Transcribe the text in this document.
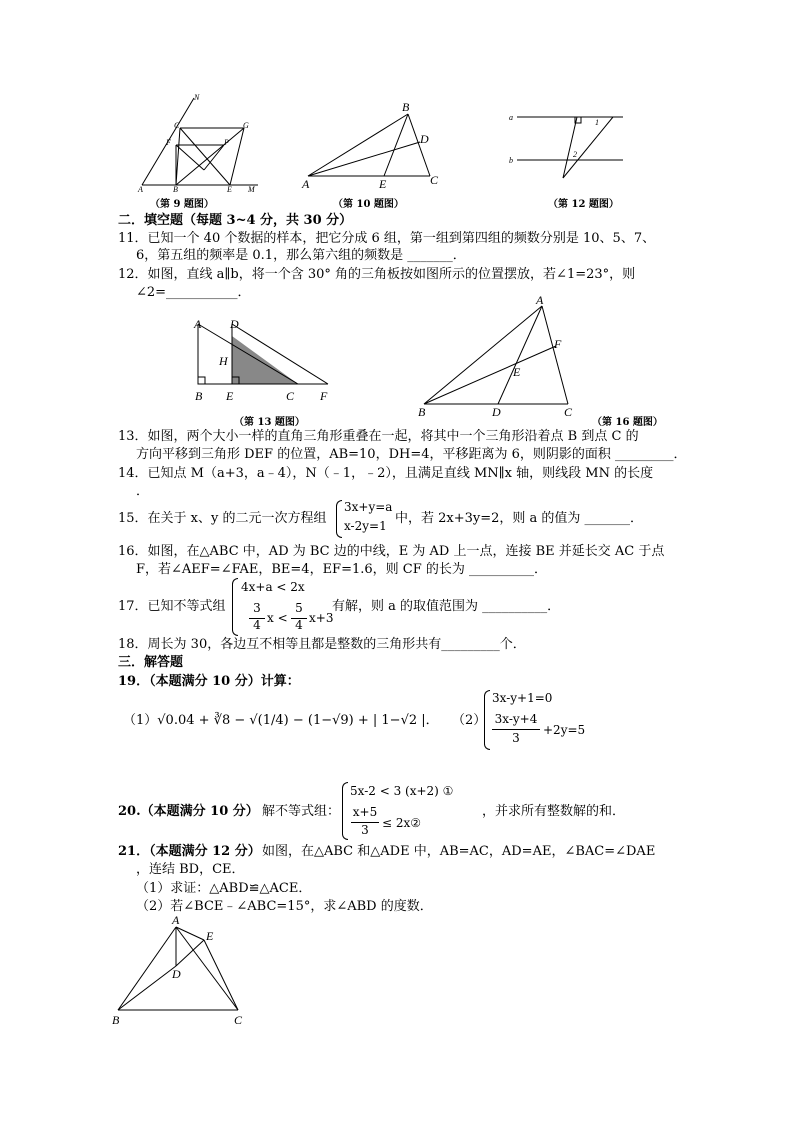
N
C	G
F	P
A	B	E M
（第 9 题图）
B
D
A	E	C
（第 10 题图）
a
b
1
2
（第 12 题图）
二．填空题（每题 3~4 分，共 30 分）
11．已知一个 40 个数据的样本，把它分成 6 组，第一组到第四组的频数分别是 10、5、7、
6，第五组的频率是 0.1，那么第六组的频数是 _______．
12．如图，直线 a∥b，将一个含 30° 角的三角板按如图所示的位置摆放，若∠1=23°，则
∠2=___________．
A D
H
B E	C F
（第 13 题图）
A
F
E
B	D	C
（第 16 题图）
13．如图，两个大小一样的直角三角形重叠在一起，将其中一个三角形沿着点 B 到点 C 的
方向平移到三角形 DEF 的位置，AB=10，DH=4，平移距离为 6，则阴影的面积 _________．
14．已知点 M（a+3，a﹣4），N（﹣1，﹣2），且满足直线 MN∥x 轴，则线段 MN 的长度
．
15．在关于 x、y 的二元一次方程组
3x+y=a
x-2y=1 中，若 2x+3y=2，则 a 的值为 _______．
16．如图，在△ABC 中，AD 为 BC 边的中线，E 为 AD 上一点，连接 BE 并延长交 AC 于点
F，若∠AEF=∠FAE，BE=4，EF=1.6，则 CF 的长为 __________．
17．已知不等式组
4x+a < 2x
3
4 x <
5
4 x+3
有解，则 a 的取值范围为 __________．
18．周长为 30，各边互不相等且都是整数的三角形共有_________个．
三．解答题
19．（本题满分 10 分）计算：
（1）√0.04 + ∛8 − √(1/4) − (1−√9) + | 1−√2 |． （2）
3x-y+1=0
3x-y+4
3
+2y=5
20.（本题满分 10 分） 解不等式组：
5x-2 < 3 (x+2) ①
x+5
3	≤ 2x②
，并求所有整数解的和．
21．（本题满分 12 分） 如图，在△ABC 和△ADE 中，AB=AC，AD=AE，∠BAC=∠DAE
，连结 BD，CE．
（1）求证：△ABD≌△ACE．
（2）若∠BCE﹣∠ABC=15°，求∠ABD 的度数．
A
E
D
B	C
